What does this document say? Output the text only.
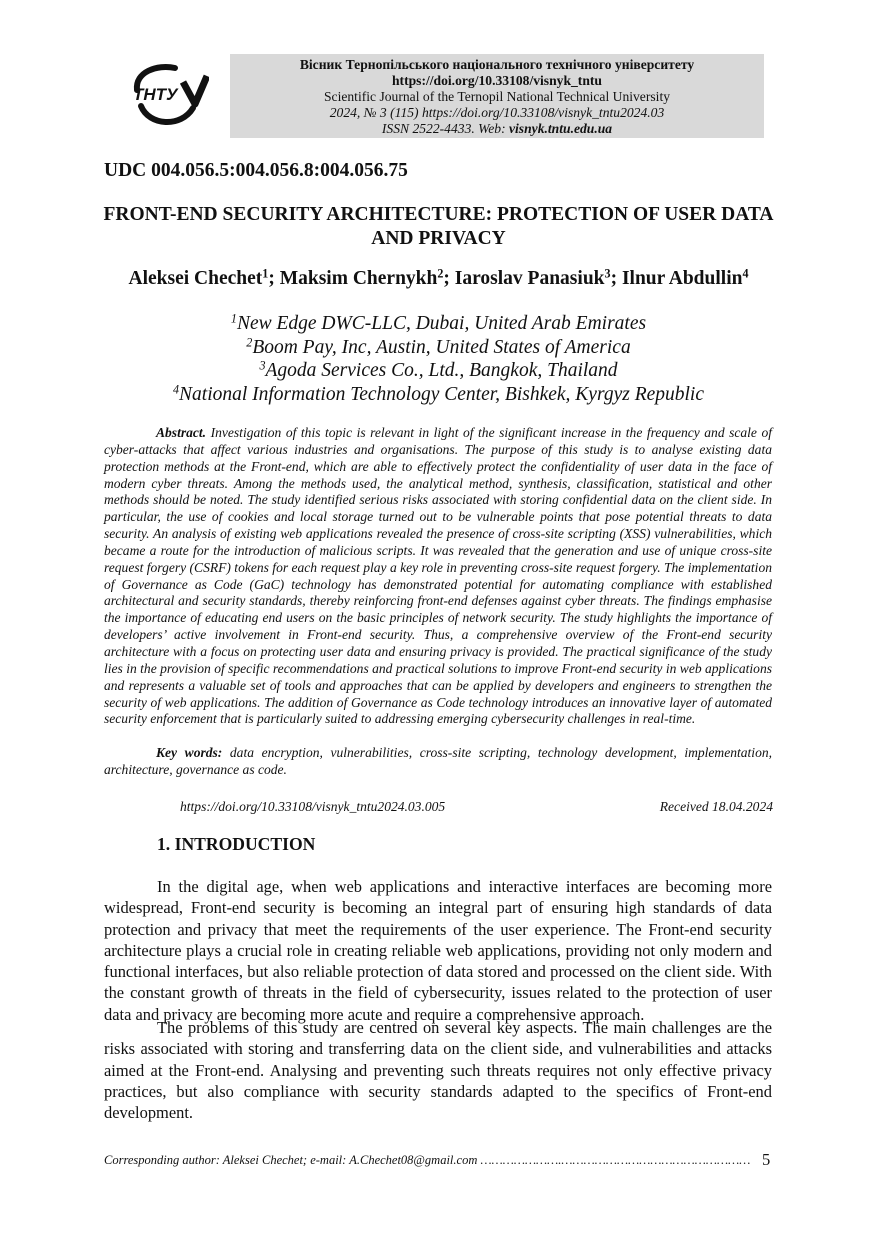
ТНТУ
Вісник Тернопільського національного технічного університету
https://doi.org/10.33108/visnyk_tntu
Scientific Journal of the Ternopil National Technical University
2024, № 3 (115) https://doi.org/10.33108/visnyk_tntu2024.03
ISSN 2522-4433. Web: visnyk.tntu.edu.ua
UDC 004.056.5:004.056.8:004.056.75
FRONT-END SECURITY ARCHITECTURE: PROTECTION OF USER DATA AND PRIVACY
Aleksei Chechet$^1$; Maksim Chernykh$^2$; Iaroslav Panasiuk$^3$; Ilnur Abdullin$^4$
$^1$New Edge DWC-LLC, Dubai, United Arab Emirates
$^2$Boom Pay, Inc, Austin, United States of America
$^3$Agoda Services Co., Ltd., Bangkok, Thailand
$^4$National Information Technology Center, Bishkek, Kyrgyz Republic
Abstract. Investigation of this topic is relevant in light of the significant increase in the frequency and scale of cyber-attacks that affect various industries and organisations. The purpose of this study is to analyse existing data protection methods at the Front-end, which are able to effectively protect the confidentiality of user data in the face of modern cyber threats. Among the methods used, the analytical method, synthesis, classification, statistical and other methods should be noted. The study identified serious risks associated with storing confidential data on the client side. In particular, the use of cookies and local storage turned out to be vulnerable points that pose potential threats to data security. An analysis of existing web applications revealed the presence of cross-site scripting (XSS) vulnerabilities, which became a route for the introduction of malicious scripts. It was revealed that the generation and use of unique cross-site request forgery (CSRF) tokens for each request play a key role in preventing cross-site request forgery. The implementation of Governance as Code (GaC) technology has demonstrated potential for automating compliance with established architectural and security standards, thereby reinforcing front-end defenses against cyber threats. The findings emphasise the importance of educating end users on the basic principles of network security. The study highlights the importance of developers’ active involvement in Front-end security. Thus, a comprehensive overview of the Front-end security architecture with a focus on protecting user data and ensuring privacy is provided. The practical significance of the study lies in the provision of specific recommendations and practical solutions to improve Front-end security in web applications and represents a valuable set of tools and approaches that can be applied by developers and engineers to strengthen the security of web applications. The addition of Governance as Code technology introduces an innovative layer of automated security enforcement that is particularly suited to addressing emerging cybersecurity challenges in real-time.
Key words: data encryption, vulnerabilities, cross-site scripting, technology development, implementation, architecture, governance as code.
https://doi.org/10.33108/visnyk_tntu2024.03.005	Received 18.04.2024
1. INTRODUCTION
In the digital age, when web applications and interactive interfaces are becoming more widespread, Front-end security is becoming an integral part of ensuring high standards of data protection and privacy that meet the requirements of the user experience. The Front-end security architecture plays a crucial role in creating reliable web applications, providing not only modern and functional interfaces, but also reliable protection of data stored and processed on the client side. With the constant growth of threats in the field of cybersecurity, issues related to the protection of user data and privacy are becoming more acute and require a comprehensive approach.
The problems of this study are centred on several key aspects. The main challenges are the risks associated with storing and transferring data on the client side, and vulnerabilities and attacks aimed at the Front-end. Analysing and preventing such threats requires not only effective privacy practices, but also compliance with security standards adapted to the specifics of Front-end development.
Corresponding author: Aleksei Chechet; e-mail: A.Chechet08@gmail.com ………………….…………………………………………… 5
